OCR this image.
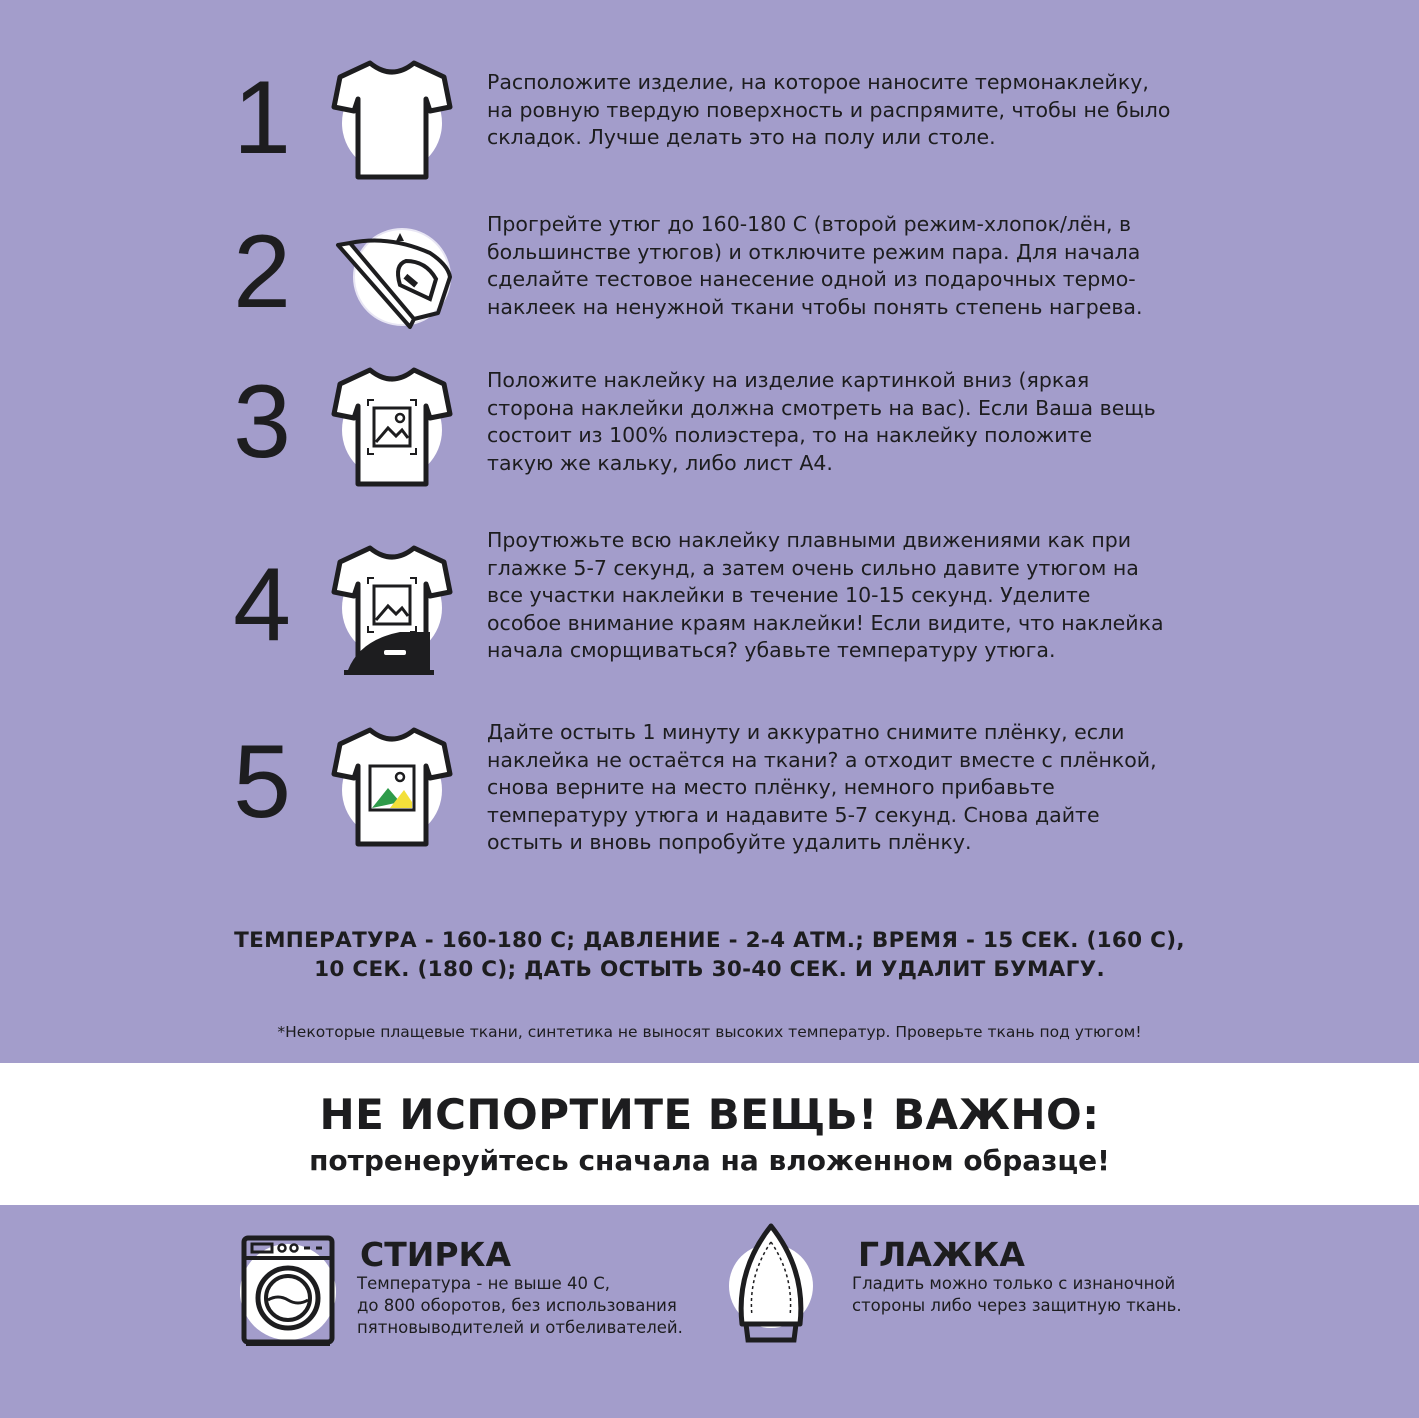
1	Расположите изделие, на которое наносите термонаклейку,
на ровную твердую поверхность и распрямите, чтобы не было
складок. Лучше делать это на полу или столе.
2	Прогрейте утюг до 160-180 С (второй режим-хлопок/лён, в
большинстве утюгов) и отключите режим пара. Для начала
сделайте тестовое нанесение одной из подарочных термо-
наклеек на ненужной ткани чтобы понять степень нагрева.
3	Положите наклейку на изделие картинкой вниз (яркая
сторона наклейки должна смотреть на вас). Если Ваша вещь
состоит из 100% полиэстера, то на наклейку положите
такую же кальку, либо лист А4.
4
Проутюжьте всю наклейку плавными движениями как при
глажке 5-7 секунд, а затем очень сильно давите утюгом на
все участки наклейки в течение 10-15 секунд. Уделите
особое внимание краям наклейки! Если видите, что наклейка
начала сморщиваться? убавьте температуру утюга.
5	Дайте остыть 1 минуту и аккуратно снимите плёнку, если
наклейка не остаётся на ткани? а отходит вместе с плёнкой,
снова верните на место плёнку, немного прибавьте
температуру утюга и надавите 5-7 секунд. Снова дайте
остыть и вновь попробуйте удалить плёнку.
ТЕМПЕРАТУРА - 160-180 С; ДАВЛЕНИЕ - 2-4 АТМ.; ВРЕМЯ - 15 СЕК. (160 С),
10 СЕК. (180 С); ДАТЬ ОСТЫТЬ 30-40 СЕК. И УДАЛИТ БУМАГУ.
*Некоторые плащевые ткани, синтетика не выносят высоких температур. Проверьте ткань под утюгом!
НЕ ИСПОРТИТЕ ВЕЩЬ! ВАЖНО:

потренеруйтесь сначала на вложенном образце!

СТИРКА
Температура - не выше 40 С,
до 800 оборотов, без использования
пятновыводителей и отбеливателей.
ГЛАЖКА
Гладить можно только с изнаночной
стороны либо через защитную ткань.
